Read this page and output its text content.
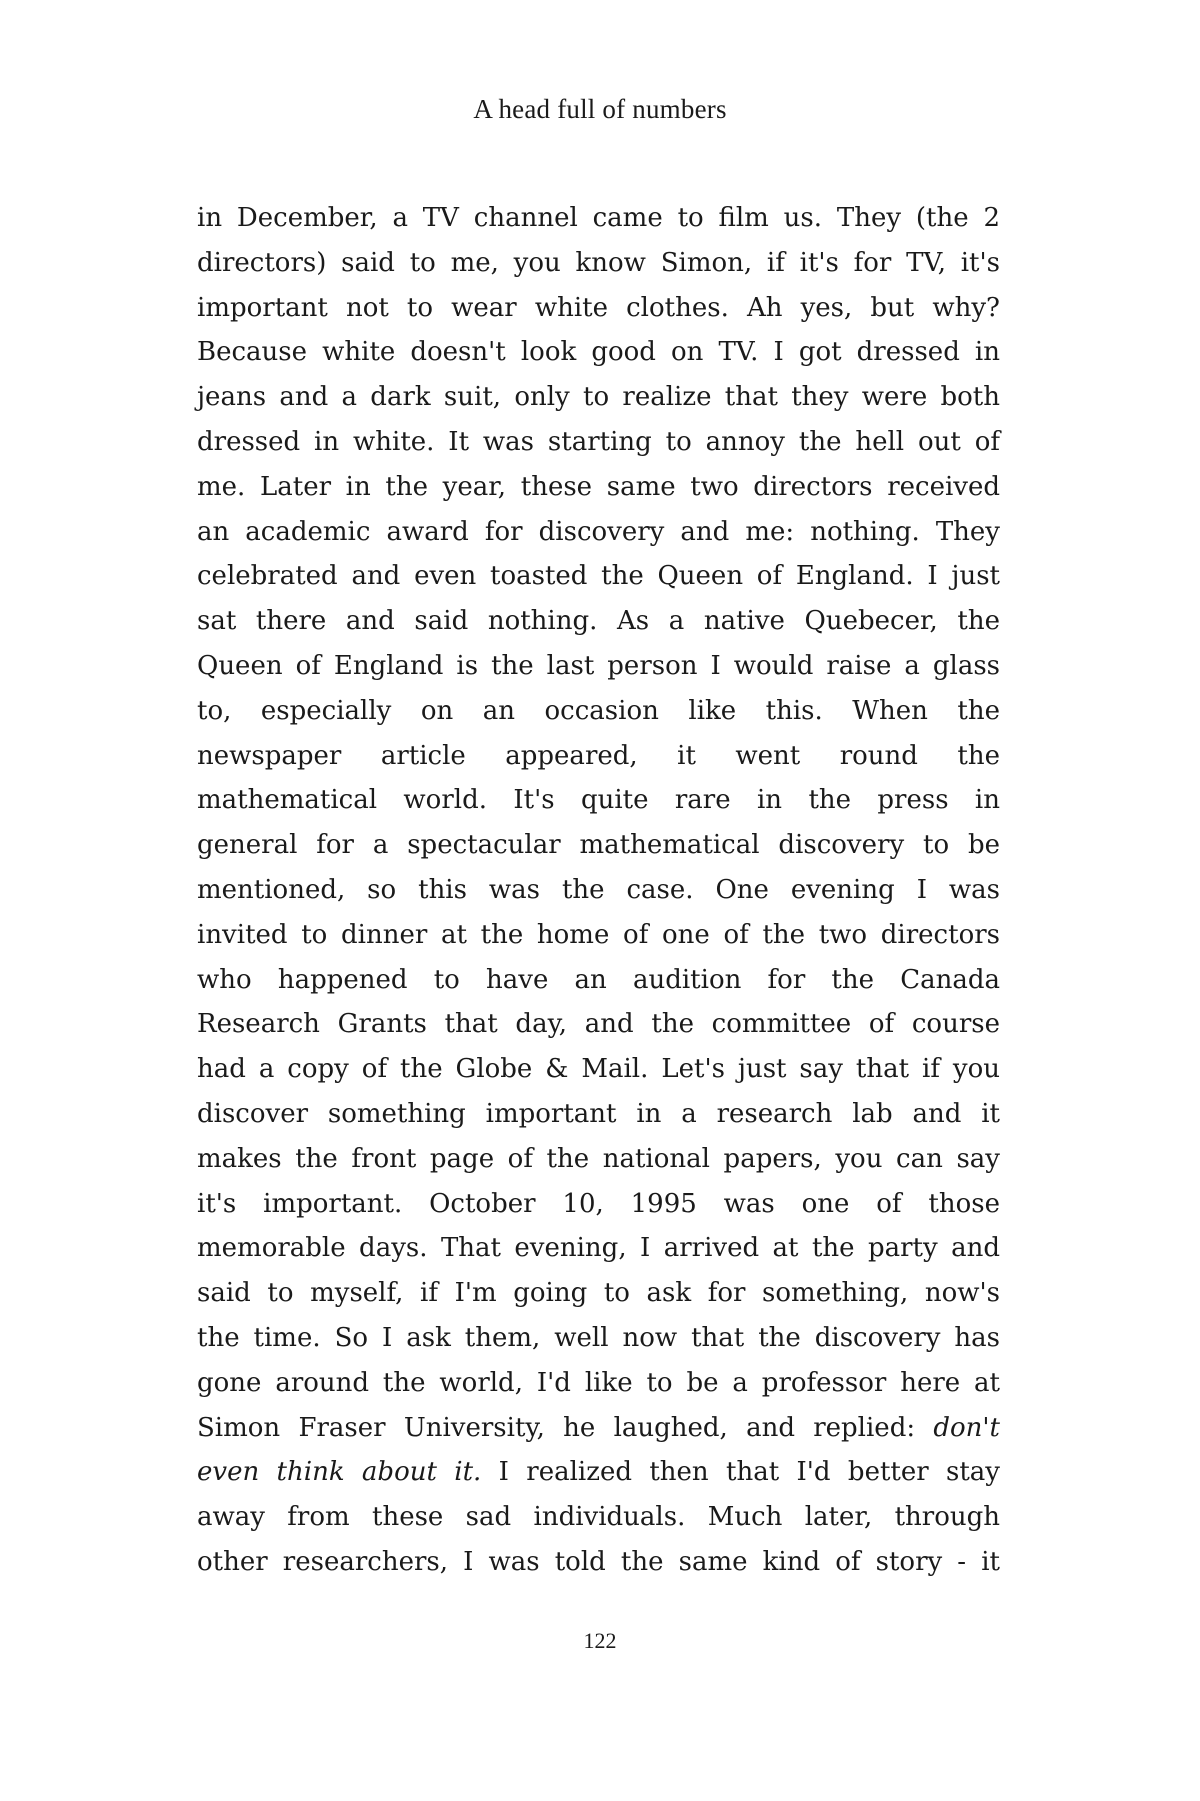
A head full of numbers
in December, a TV channel came to film us. They (the 2
directors) said to me, you know Simon, if it's for TV, it's
important not to wear white clothes. Ah yes, but why?
Because white doesn't look good on TV. I got dressed in
jeans and a dark suit, only to realize that they were both
dressed in white. It was starting to annoy the hell out of
me. Later in the year, these same two directors received
an academic award for discovery and me: nothing. They
celebrated and even toasted the Queen of England. I just
sat there and said nothing. As a native Quebecer, the
Queen of England is the last person I would raise a glass
to, especially on an occasion like this. When the
newspaper article appeared, it went round the
mathematical world. It's quite rare in the press in
general for a spectacular mathematical discovery to be
mentioned, so this was the case. One evening I was
invited to dinner at the home of one of the two directors
who happened to have an audition for the Canada
Research Grants that day, and the committee of course
had a copy of the Globe & Mail. Let's just say that if you
discover something important in a research lab and it
makes the front page of the national papers, you can say
it's important. October 10, 1995 was one of those
memorable days. That evening, I arrived at the party and
said to myself, if I'm going to ask for something, now's
the time. So I ask them, well now that the discovery has
gone around the world, I'd like to be a professor here at
Simon Fraser University, he laughed, and replied: don't
even think about it. I realized then that I'd better stay
away from these sad individuals. Much later, through
other researchers, I was told the same kind of story - it
122
